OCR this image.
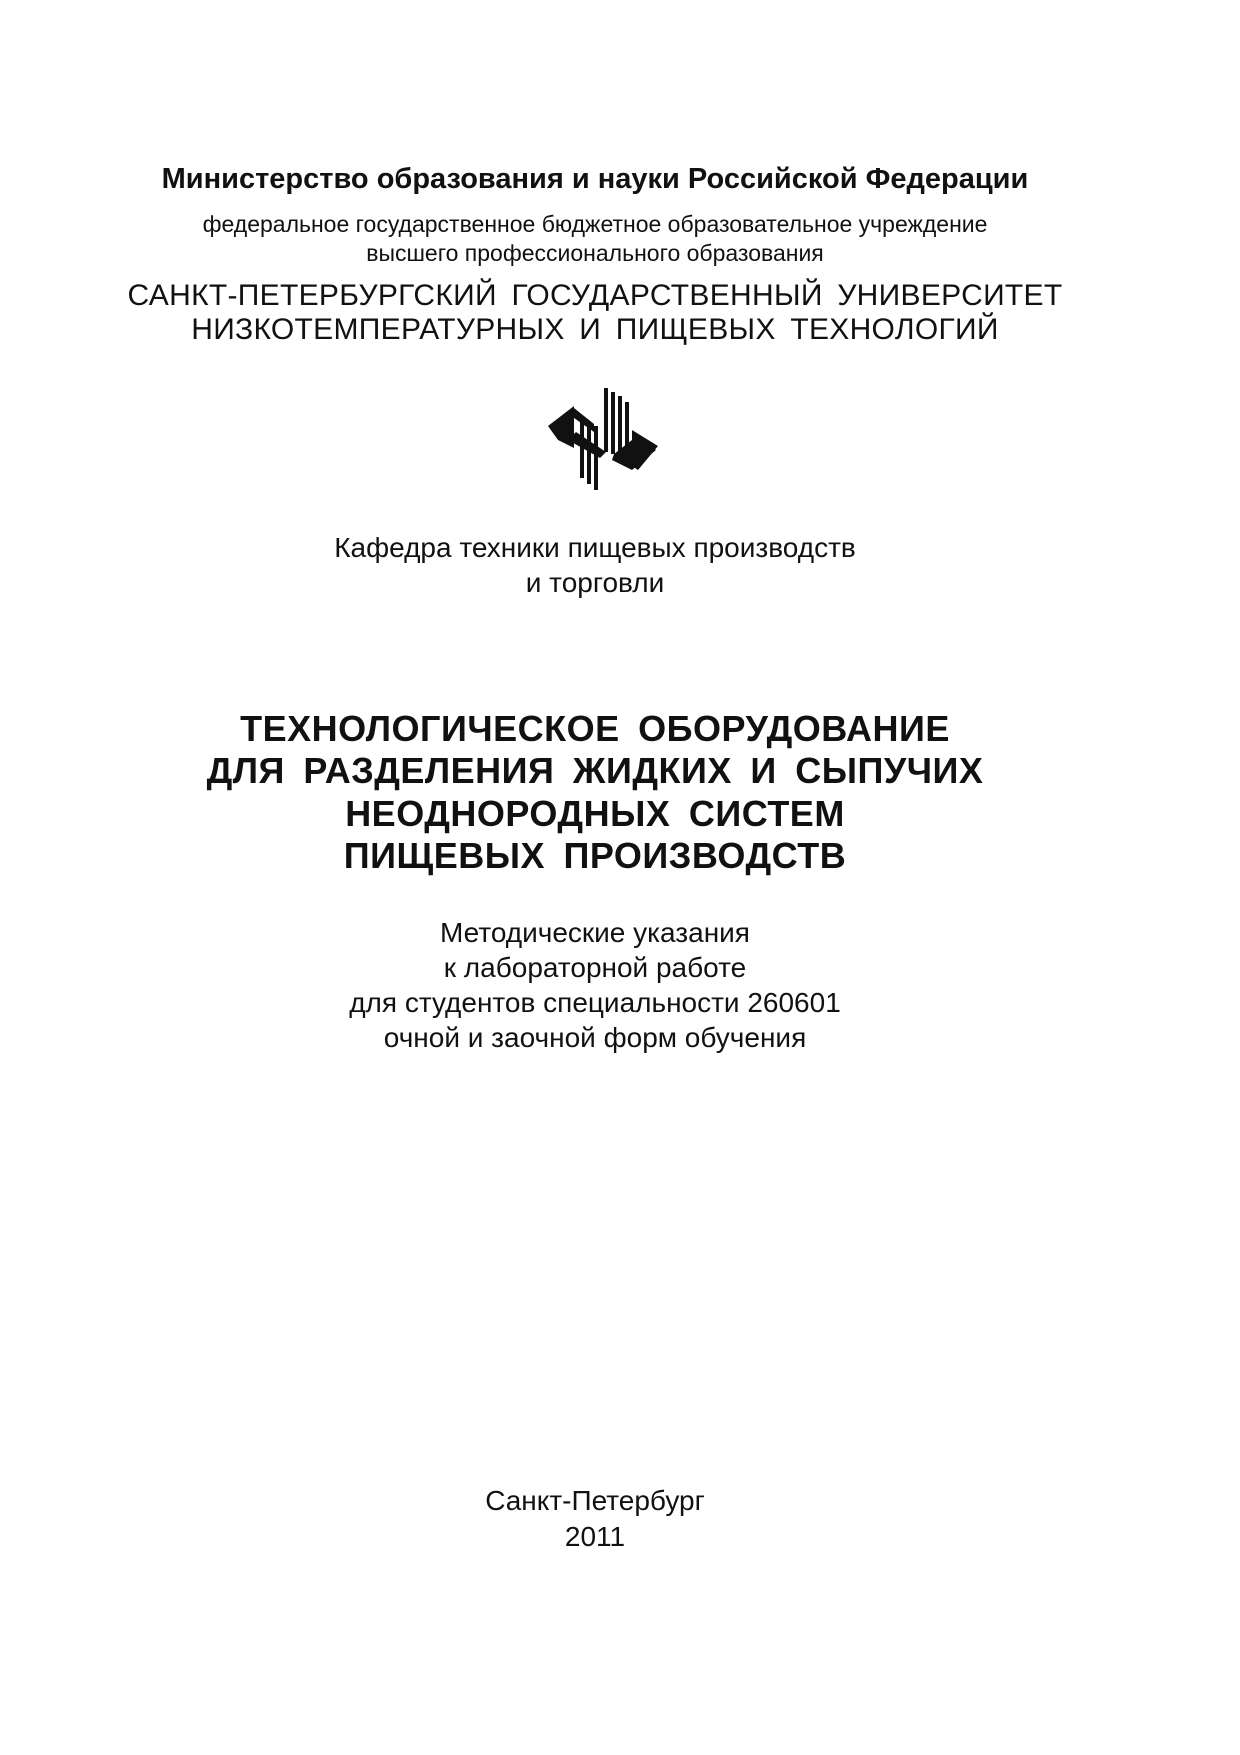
Министерство образования и науки Российской Федерации
федеральное государственное бюджетное образовательное учреждение
высшего профессионального образования
САНКТ-ПЕТЕРБУРГСКИЙ ГОСУДАРСТВЕННЫЙ УНИВЕРСИТЕТ
НИЗКОТЕМПЕРАТУРНЫХ И ПИЩЕВЫХ ТЕХНОЛОГИЙ
Кафедра техники пищевых производств
и торговли
ТЕХНОЛОГИЧЕСКОЕ ОБОРУДОВАНИЕ
ДЛЯ РАЗДЕЛЕНИЯ ЖИДКИХ И СЫПУЧИХ
НЕОДНОРОДНЫХ СИСТЕМ
ПИЩЕВЫХ ПРОИЗВОДСТВ
Методические указания
к лабораторной работе
для студентов специальности 260601
очной и заочной форм обучения
Санкт-Петербург
2011
